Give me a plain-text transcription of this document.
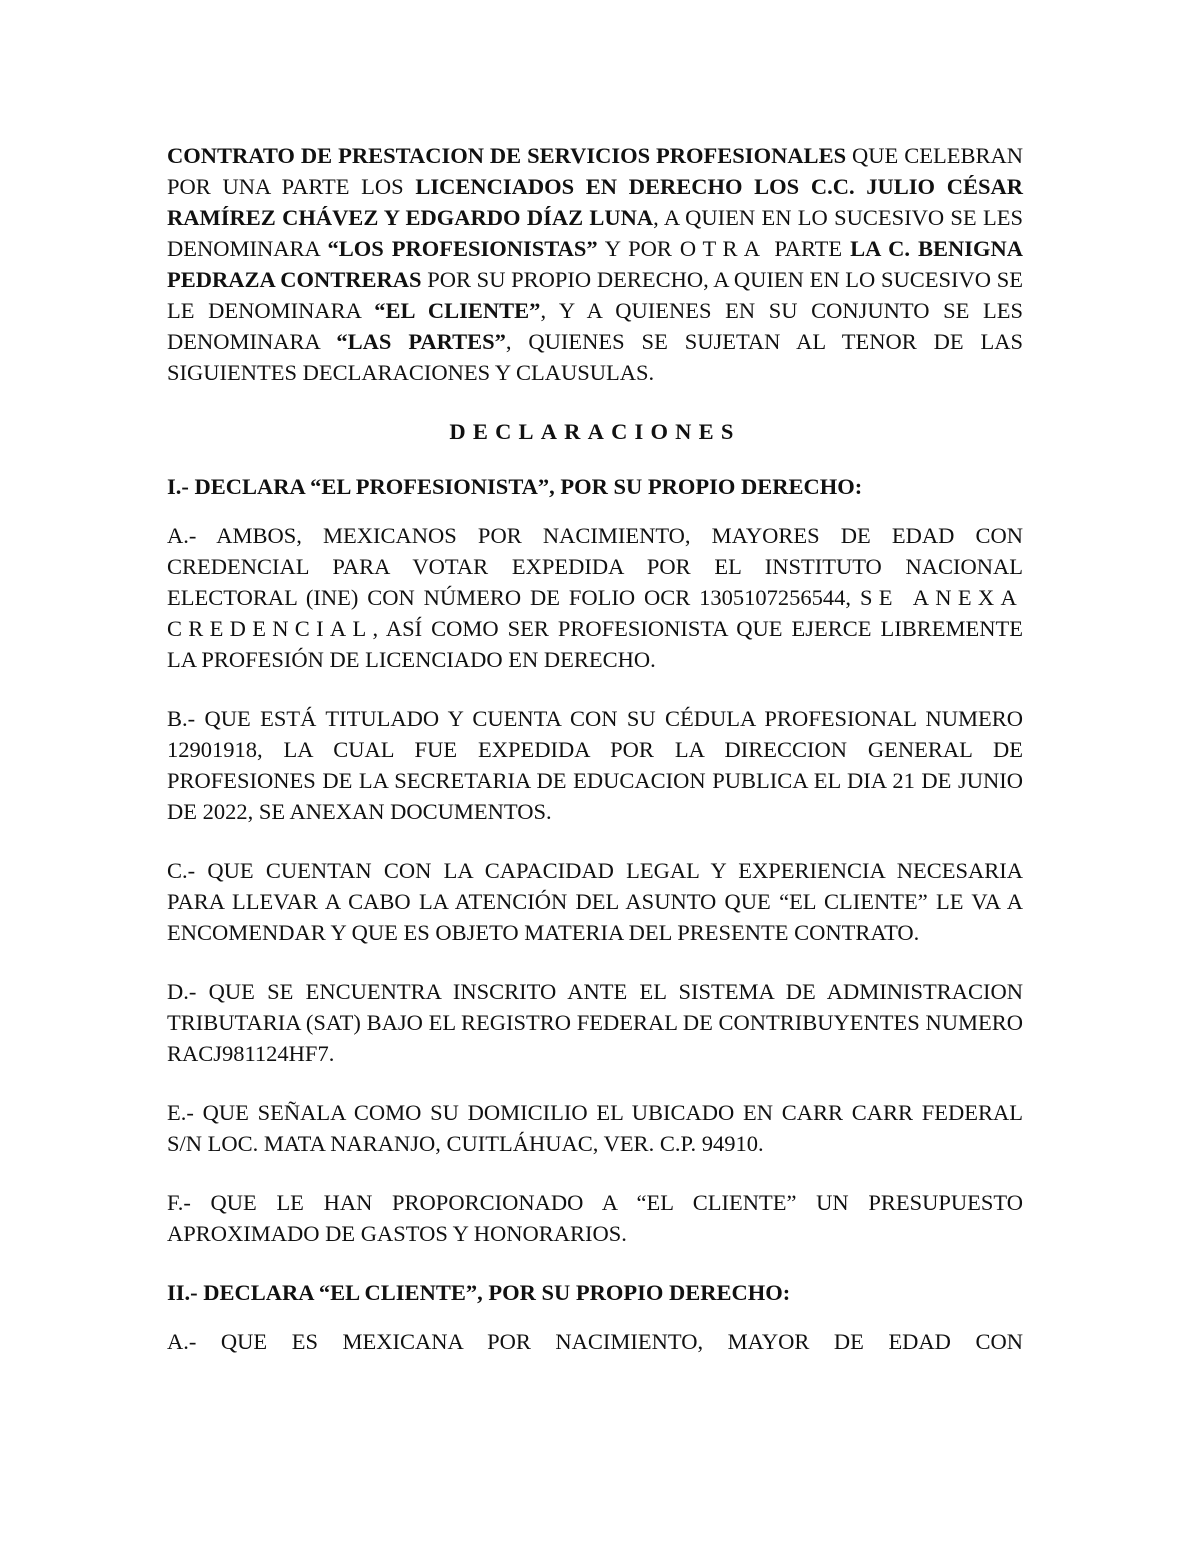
CONTRATO DE PRESTACION DE SERVICIOS PROFESIONALES QUE CELEBRAN POR UNA PARTE LOS LICENCIADOS EN DERECHO LOS C.C. JULIO CÉSAR RAMÍREZ CHÁVEZ Y EDGARDO DÍAZ LUNA, A QUIEN EN LO SUCESIVO SE LES DENOMINARA “LOS PROFESIONISTAS” Y POR OTRA PARTE LA C. BENIGNA PEDRAZA CONTRERAS POR SU PROPIO DERECHO, A QUIEN EN LO SUCESIVO SE LE DENOMINARA “EL CLIENTE”, Y A QUIENES EN SU CONJUNTO SE LES DENOMINARA “LAS PARTES”, QUIENES SE SUJETAN AL TENOR DE LAS SIGUIENTES DECLARACIONES Y CLAUSULAS.

DECLARACIONES

I.- DECLARA “EL PROFESIONISTA”, POR SU PROPIO DERECHO:

A.- AMBOS, MEXICANOS POR NACIMIENTO, MAYORES DE EDAD CON CREDENCIAL PARA VOTAR EXPEDIDA POR EL INSTITUTO NACIONAL ELECTORAL (INE) CON NÚMERO DE FOLIO OCR 1305107256544, SE ANEXA CREDENCIAL, ASÍ COMO SER PROFESIONISTA QUE EJERCE LIBREMENTE LA PROFESIÓN DE LICENCIADO EN DERECHO.

B.- QUE ESTÁ TITULADO Y CUENTA CON SU CÉDULA PROFESIONAL NUMERO 12901918, LA CUAL FUE EXPEDIDA POR LA DIRECCION GENERAL DE PROFESIONES DE LA SECRETARIA DE EDUCACION PUBLICA EL DIA 21 DE JUNIO DE 2022, SE ANEXAN DOCUMENTOS.

C.- QUE CUENTAN CON LA CAPACIDAD LEGAL Y EXPERIENCIA NECESARIA PARA LLEVAR A CABO LA ATENCIÓN DEL ASUNTO QUE “EL CLIENTE” LE VA A ENCOMENDAR Y QUE ES OBJETO MATERIA DEL PRESENTE CONTRATO.

D.- QUE SE ENCUENTRA INSCRITO ANTE EL SISTEMA DE ADMINISTRACION TRIBUTARIA (SAT) BAJO EL REGISTRO FEDERAL DE CONTRIBUYENTES NUMERO RACJ981124HF7.

E.- QUE SEÑALA COMO SU DOMICILIO EL UBICADO EN CARR CARR FEDERAL S/N LOC. MATA NARANJO, CUITLÁHUAC, VER. C.P. 94910.

F.- QUE LE HAN PROPORCIONADO A “EL CLIENTE” UN PRESUPUESTO APROXIMADO DE GASTOS Y HONORARIOS.

II.- DECLARA “EL CLIENTE”, POR SU PROPIO DERECHO:

A.- QUE ES MEXICANA POR NACIMIENTO, MAYOR DE EDAD CON
